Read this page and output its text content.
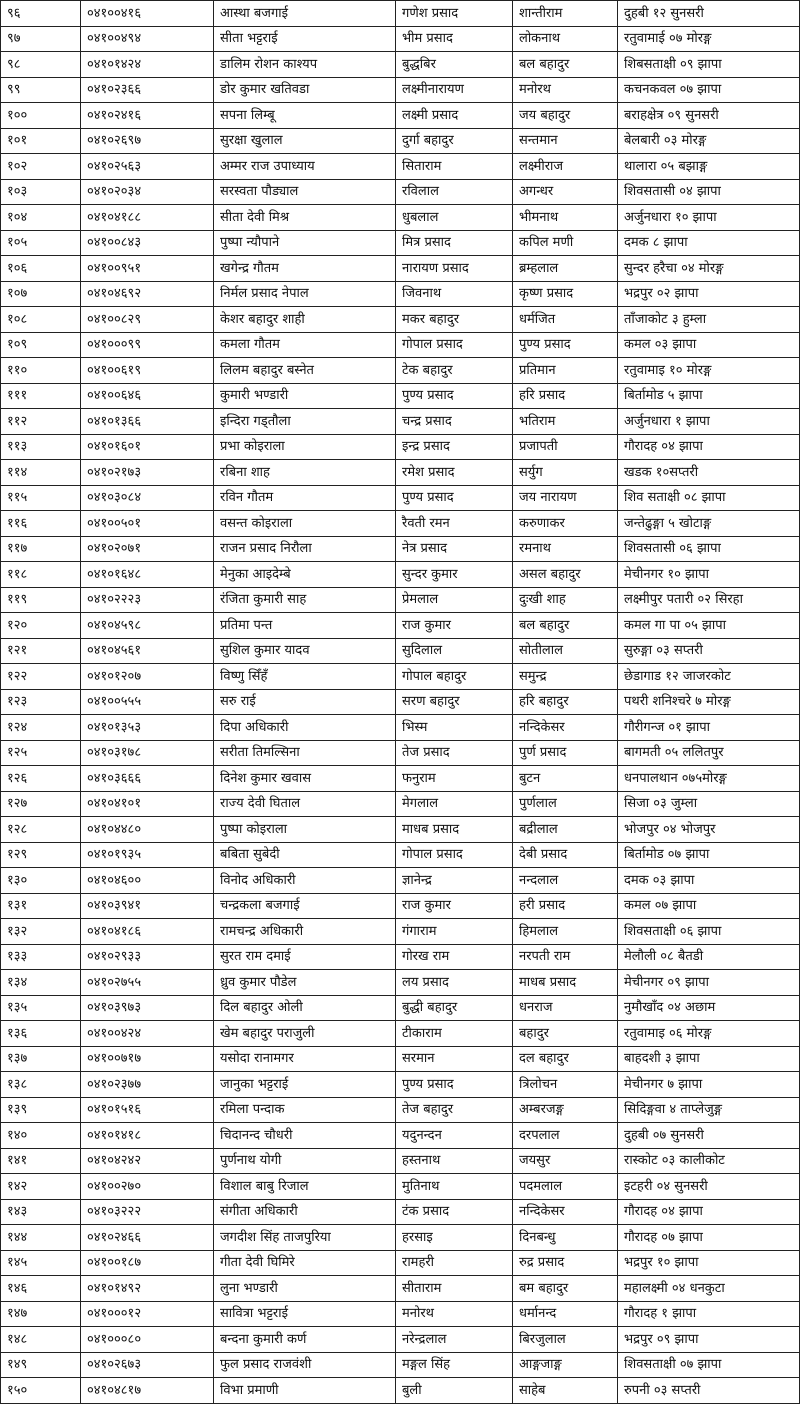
९६	०४१००४१६	आस्था बजगाई	गणेश प्रसाद	शान्तीराम	दुहबी १२ सुनसरी
९७	०४१००४९४	सीता भट्टराई	भीम प्रसाद	लोकनाथ	रतुवामाई ०७ मोरङ्ग
९८	०४१०१४२४	डालिम रोशन काश्यप	बुद्धबिर	बल बहादुर	शिबसताक्षी ०९ झापा
९९	०४१०२३६६	डोर कुमार खतिवडा	लक्ष्मीनारायण	मनोरथ	कचनकवल ०७ झापा
१००	०४१०२४१६	सपना लिम्बू	लक्ष्मी प्रसाद	जय बहादुर	बराहक्षेत्र ०९ सुनसरी
१०१	०४१०२६९७	सुरक्षा खुलाल	दुर्गा बहादुर	सन्तमान	बेलबारी ०३ मोरङ्ग
१०२	०४१०२५६३	अम्मर राज उपाध्याय	सिताराम	लक्ष्मीराज	थालारा ०५ बझाङ्ग
१०३	०४१०२०३४	सरस्वता पौड्याल	रविलाल	अगन्धर	शिवसतासी ०४ झापा
१०४	०४१०४१८८	सीता देवी मिश्र	धुबलाल	भीमनाथ	अर्जुनधारा १० झापा
१०५	०४१००८४३	पुष्पा न्यौपाने	मित्र प्रसाद	कपिल मणी	दमक ८ झापा
१०६	०४१००९५१	खगेन्द्र गौतम	नारायण प्रसाद	ब्रम्हलाल	सुन्दर हरैचा ०४ मोरङ्ग
१०७	०४१०४६९२	निर्मल प्रसाद नेपाल	जिवनाथ	कृष्ण प्रसाद	भद्रपुर ०२ झापा
१०८	०४१००८२९	केशर बहादुर शाही	मकर बहादुर	धर्मजित	ताँजाकोट ३ हुम्ला
१०९	०४१०००९९	कमला गौतम	गोपाल प्रसाद	पुण्य प्रसाद	कमल ०३ झापा
११०	०४१००६१९	लिलम बहादुर बस्नेत	टेक बहादुर	प्रतिमान	रतुवामाइ १० मोरङ्ग
१११	०४१००६४६	कुमारी भण्डारी	पुण्य प्रसाद	हरि प्रसाद	बिर्तामोड ५ झापा
११२	०४१०१३६६	इन्दिरा गड्तौला	चन्द्र प्रसाद	भतिराम	अर्जुनधारा १ झापा
११३	०४१०१६०१	प्रभा कोइराला	इन्द्र प्रसाद	प्रजापती	गौरादह ०४ झापा
११४	०४१०२१७३	रबिना शाह	रमेश प्रसाद	सर्युग	खडक १०सप्तरी
११५	०४१०३०८४	रविन गौतम	पुण्य प्रसाद	जय नारायण	शिव सताक्षी ०८ झापा
११६	०४१००५०१	वसन्त कोइराला	रैवती रमन	करुणाकर	जन्तेढुङ्गा ५ खोटाङ्ग
११७	०४१०२०७१	राजन प्रसाद निरौला	नेत्र प्रसाद	रमनाथ	शिवसतासी ०६ झापा
११८	०४१०१६४८	मेनुका आइदेम्बे	सुन्दर कुमार	असल बहादुर	मेचीनगर १० झापा
११९	०४१०२२२३	रंजिता कुमारी साह	प्रेमलाल	दुःखी शाह	लक्ष्मीपुर पतारी ०२ सिरहा
१२०	०४१०४५९८	प्रतिमा पन्त	राज कुमार	बल बहादुर	कमल गा पा ०५ झापा
१२१	०४१०४५६१	सुशिल कुमार यादव	सुदिलाल	सोतीलाल	सुरुङ्गा ०३ सप्तरी
१२२	०४१०१२०७	विष्णु सिँहँ	गोपाल बहादुर	समुन्द्र	छेडागाड १२ जाजरकोट
१२३	०४१००५५५	सरु राई	सरण बहादुर	हरि बहादुर	पथरी शनिश्चरे ७ मोरङ्ग
१२४	०४१०१३५३	दिपा अधिकारी	भिस्म	नन्दिकेसर	गौरीगन्ज ०१ झापा
१२५	०४१०३१७८	सरीता तिमल्सिना	तेज प्रसाद	पुर्ण प्रसाद	बागमती ०५ ललितपुर
१२६	०४१०३६६६	दिनेश कुमार खवास	फनुराम	बुटन	धनपालथान ०७५मोरङ्ग
१२७	०४१०४१०१	राज्य देवी घिताल	मेगलाल	पुर्णलाल	सिजा ०३ जुम्ला
१२८	०४१०४४८०	पुष्पा कोइराला	माधब प्रसाद	बद्रीलाल	भोजपुर ०४ भोजपुर
१२९	०४१०१९३५	बबिता सुबेदी	गोपाल प्रसाद	देबी प्रसाद	बिर्तामोड ०७ झापा
१३०	०४१०४६००	विनोद अधिकारी	ज्ञानेन्द्र	नन्दलाल	दमक ०३ झापा
१३१	०४१०३९४१	चन्द्रकला बजगाई	राज कुमार	हरी प्रसाद	कमल ०७ झापा
१३२	०४१०४१८६	रामचन्द्र अधिकारी	गंगाराम	हिमलाल	शिवसताक्षी ०६ झापा
१३३	०४१०२९३३	सुरत राम दमाई	गोरख राम	नरपती राम	मेलौली ०८ बैतडी
१३४	०४१०२७५५	ध्रुव कुमार पौडेल	लय प्रसाद	माधब प्रसाद	मेचीनगर ०९ झापा
१३५	०४१०३९७३	दिल बहादुर ओली	बुद्धी बहादुर	धनराज	नुमौखाँद ०४ अछाम
१३६	०४१००४२४	खेम बहादुर पराजुली	टीकाराम	बहादुर	रतुवामाइ ०६ मोरङ्ग
१३७	०४१००७१७	यसोदा रानामगर	सरमान	दल बहादुर	बाहदशी ३ झापा
१३८	०४१०२३७७	जानुका भट्टराई	पुण्य प्रसाद	त्रिलोचन	मेचीनगर ७ झापा
१३९	०४१०१५१६	रमिला पन्दाक	तेज बहादुर	अम्बरजङ्ग	सिदिङ्गवा ४ ताप्लेजुङ्ग
१४०	०४१०१४१८	चिदानन्द चौधरी	यदुनन्दन	दरपलाल	दुहबी ०७ सुनसरी
१४१	०४१०४२४२	पुर्णनाथ योगी	हस्तनाथ	जयसुर	रास्कोट ०३ कालीकोट
१४२	०४१००२७०	विशाल बाबु रिजाल	मुतिनाथ	पदमलाल	इटहरी ०४ सुनसरी
१४३	०४१०३२२२	संगीता अधिकारी	टंक प्रसाद	नन्दिकेसर	गौरादह ०४ झापा
१४४	०४१०२४६६	जगदीश सिंह ताजपुरिया	हरसाइ	दिनबन्धु	गौरादह ०७ झापा
१४५	०४१००१८७	गीता देवी घिमिरे	रामहरी	रुद्र प्रसाद	भद्रपुर १० झापा
१४६	०४१०१४९२	लुना भण्डारी	सीताराम	बम बहादुर	महालक्ष्मी ०४ धनकुटा
१४७	०४१०००१२	सावित्रा भट्टराई	मनोरथ	धर्मानन्द	गौरादह १ झापा
१४८	०४१०००८०	बन्दना कुमारी कर्ण	नरेन्द्रलाल	बिरजुलाल	भद्रपुर ०९ झापा
१४९	०४१०२६७३	फुल प्रसाद राजवंशी	मङ्गल सिंह	आङ्गजाङ्ग	शिवसताक्षी ०७ झापा
१५०	०४१०४८१७	विभा प्रमाणी	बुली	साहेब	रुपनी ०३ सप्तरी
